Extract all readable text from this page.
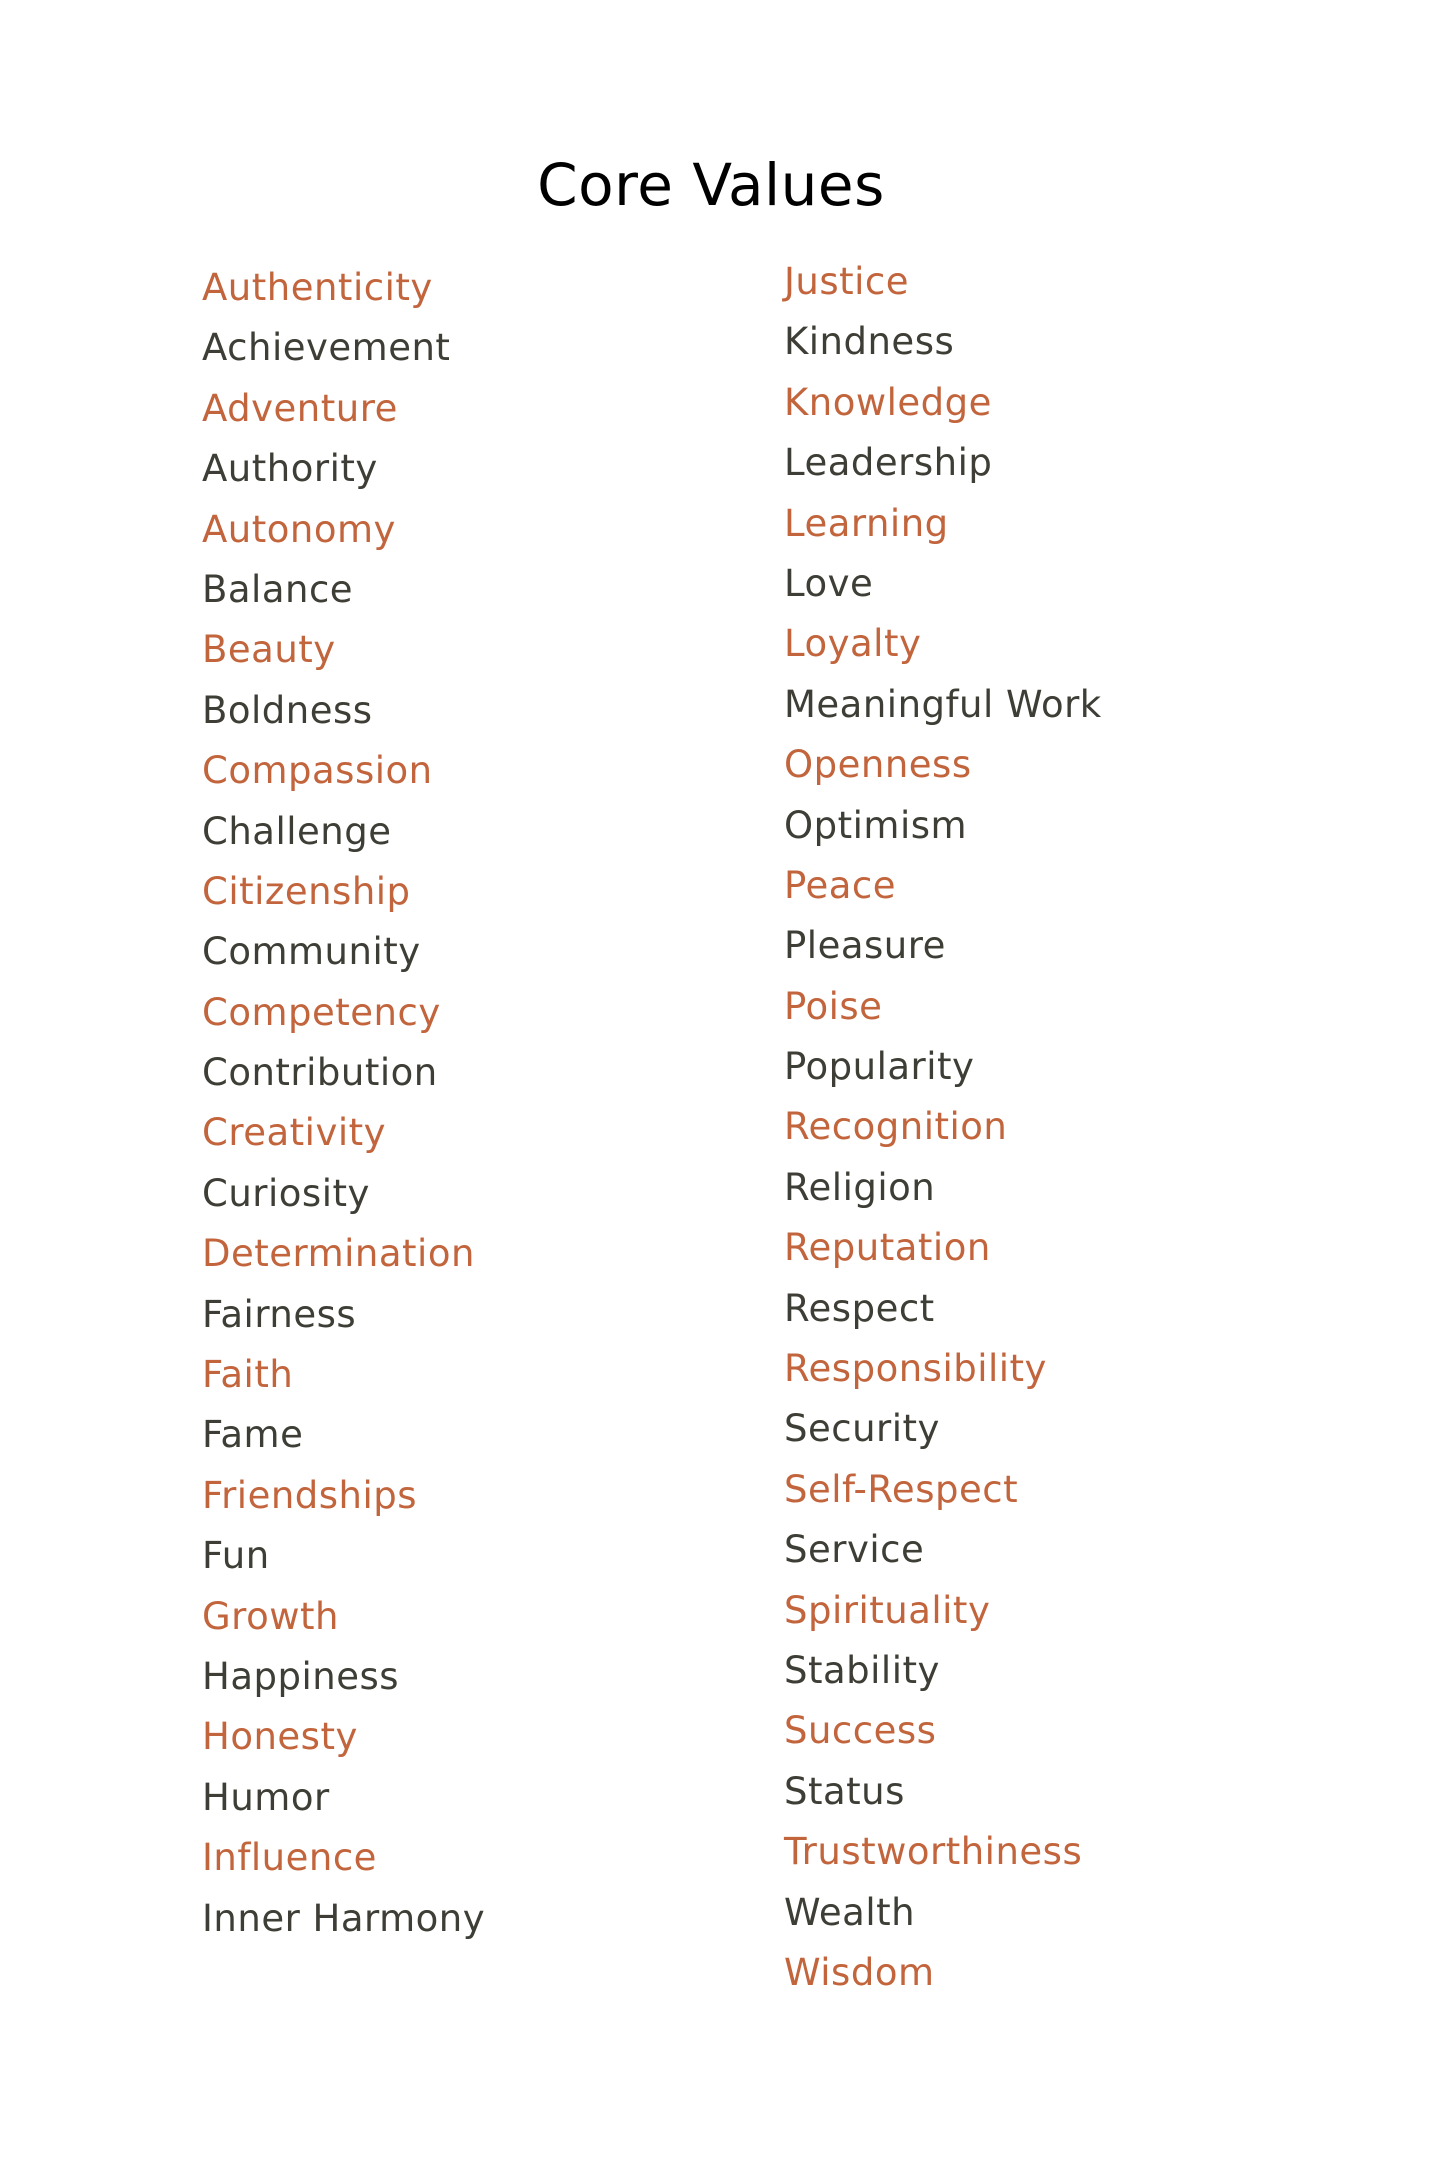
Core Values
Authenticity
Achievement
Adventure
Authority
Autonomy
Balance
Beauty
Boldness
Compassion
Challenge
Citizenship
Community
Competency
Contribution
Creativity
Curiosity
Determination
Fairness
Faith
Fame
Friendships
Fun
Growth
Happiness
Honesty
Humor
Influence
Inner Harmony
Justice
Kindness
Knowledge
Leadership
Learning
Love
Loyalty
Meaningful Work
Openness
Optimism
Peace
Pleasure
Poise
Popularity
Recognition
Religion
Reputation
Respect
Responsibility
Security
Self-Respect
Service
Spirituality
Stability
Success
Status
Trustworthiness
Wealth
Wisdom
